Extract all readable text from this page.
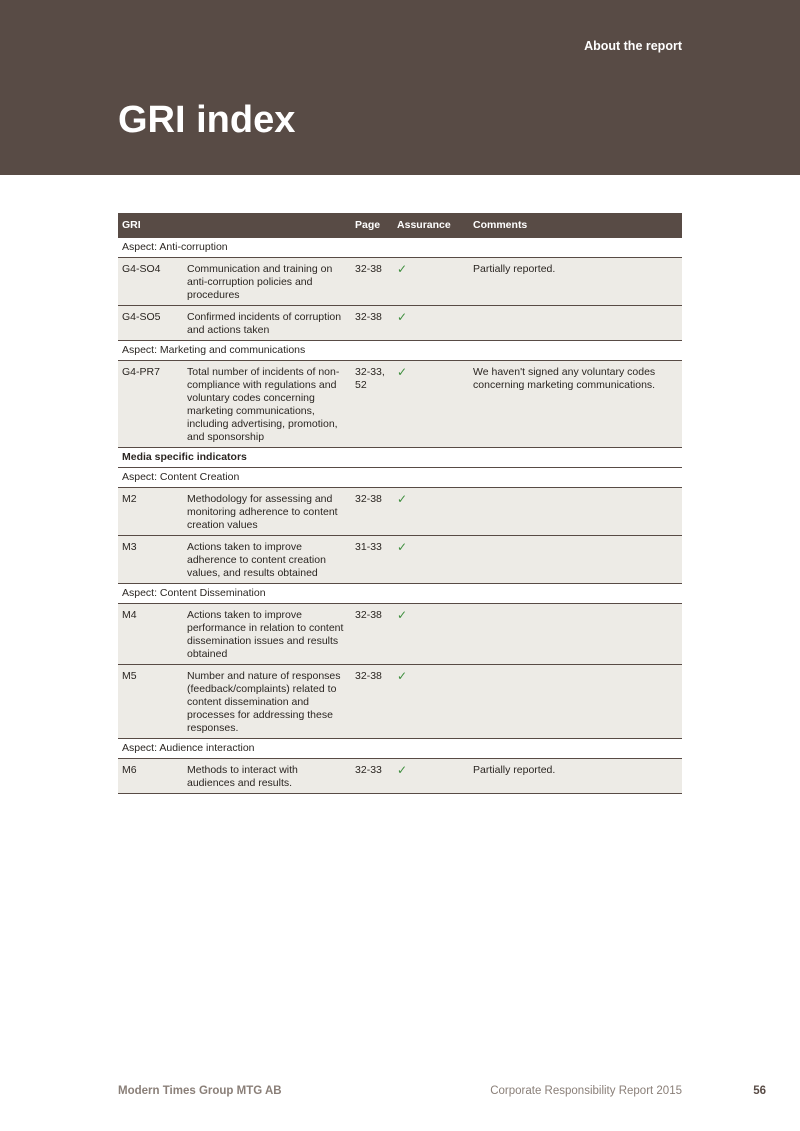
About the report
GRI index
GRI		Page	Assurance	Comments
Aspect: Anti-corruption				
G4-SO4	Communication and training on anti-corruption policies and procedures	32-38	✓	Partially reported.
G4-SO5	Confirmed incidents of corruption and actions taken	32-38	✓	
Aspect: Marketing and communications				
G4-PR7	Total number of incidents of non-compliance with regulations and voluntary codes concerning marketing communications, including advertising, promotion, and sponsorship	32-33, 52	✓	We haven't signed any voluntary codes concerning marketing communications.
Media specific indicators				
Aspect: Content Creation				
M2	Methodology for assessing and monitoring adherence to content creation values	32-38	✓	
M3	Actions taken to improve adherence to content creation values, and results obtained	31-33	✓	
Aspect: Content Dissemination				
M4	Actions taken to improve performance in relation to content dissemination issues and results obtained	32-38	✓	
M5	Number and nature of responses (feedback/complaints) related to content dissemination and processes for addressing these responses.	32-38	✓	
Aspect: Audience interaction				
M6	Methods to interact with audiences and results.	32-33	✓	Partially reported.
Modern Times Group MTG AB	Corporate Responsibility Report 2015	56
